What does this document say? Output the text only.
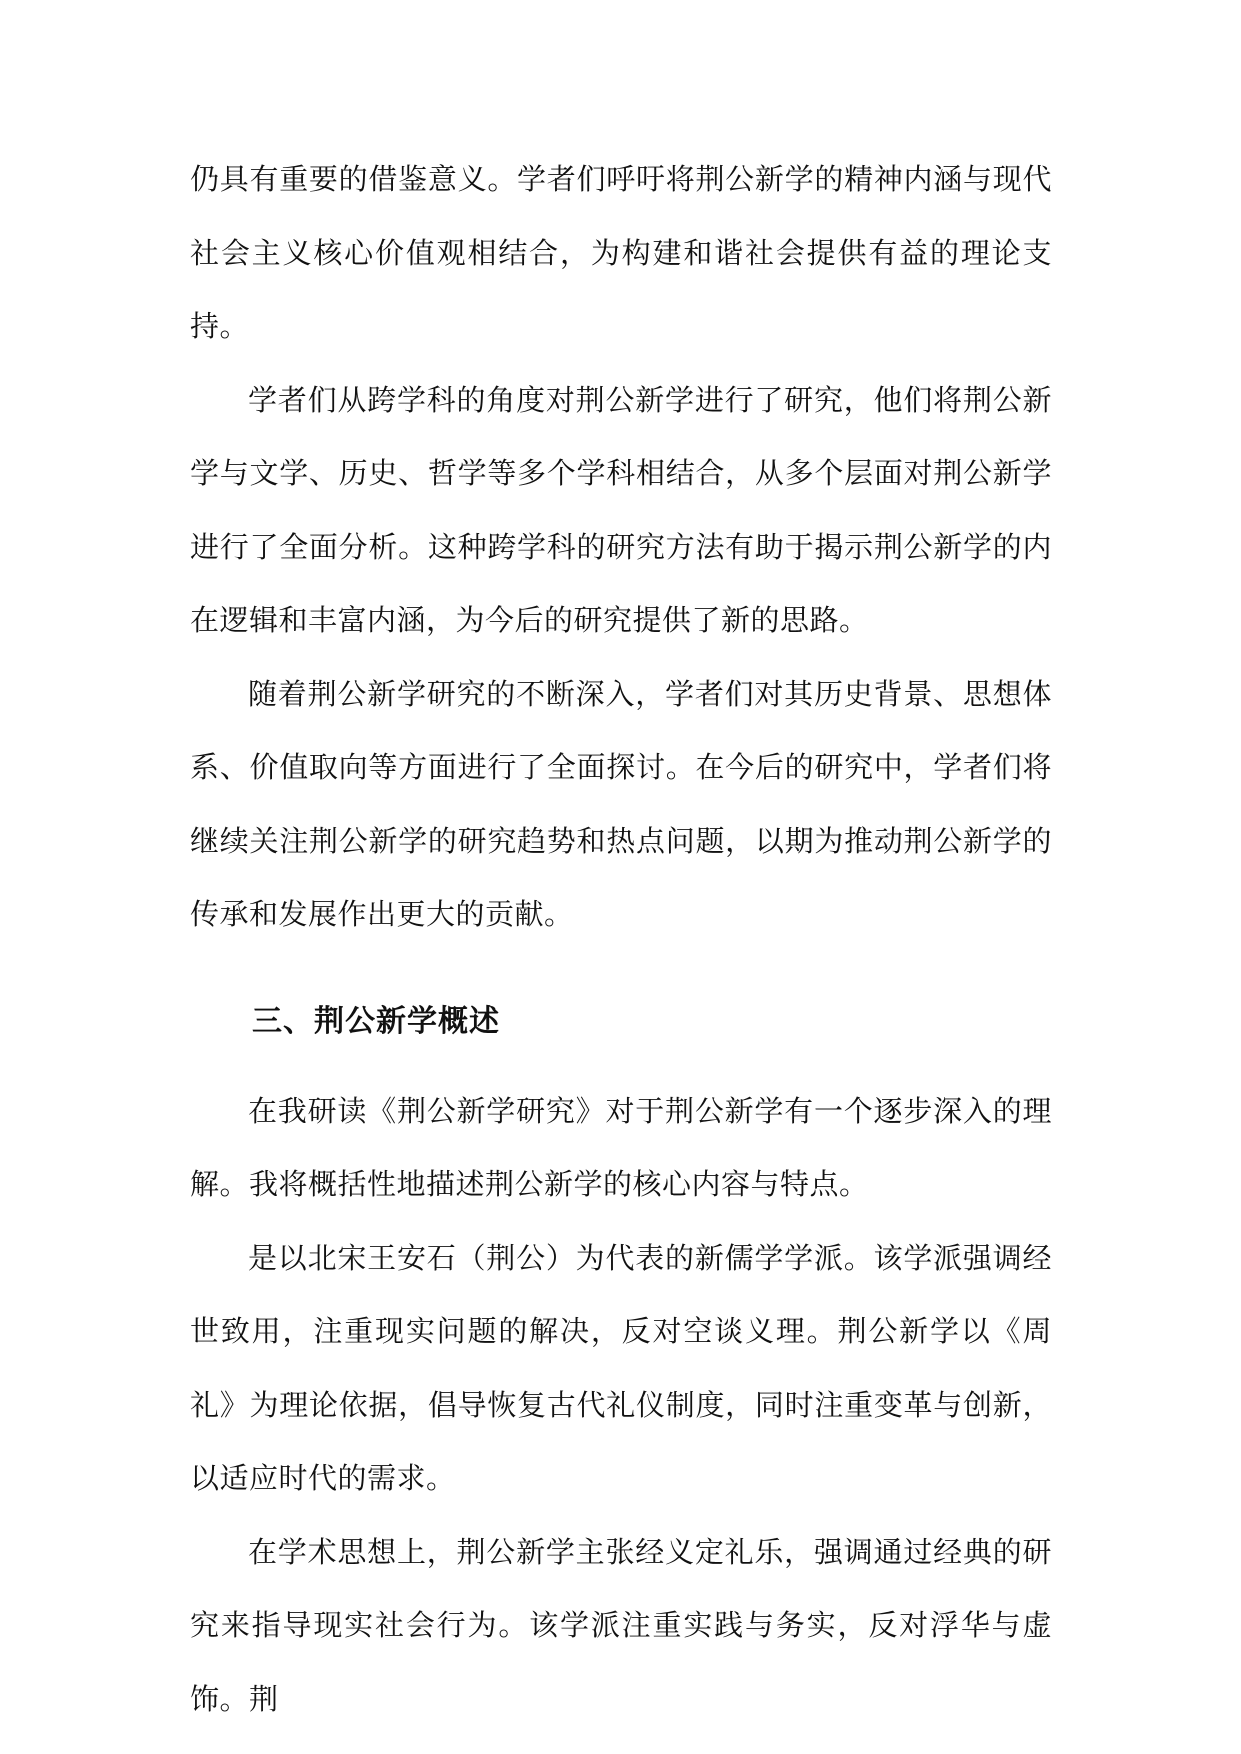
仍具有重要的借鉴意义。学者们呼吁将荆公新学的精神内涵与现代社会主义核心价值观相结合，为构建和谐社会提供有益的理论支持。

学者们从跨学科的角度对荆公新学进行了研究，他们将荆公新学与文学、历史、哲学等多个学科相结合，从多个层面对荆公新学进行了全面分析。这种跨学科的研究方法有助于揭示荆公新学的内在逻辑和丰富内涵，为今后的研究提供了新的思路。

随着荆公新学研究的不断深入，学者们对其历史背景、思想体系、价值取向等方面进行了全面探讨。在今后的研究中，学者们将继续关注荆公新学的研究趋势和热点问题，以期为推动荆公新学的传承和发展作出更大的贡献。

三、荆公新学概述

在我研读《荆公新学研究》对于荆公新学有一个逐步深入的理解。我将概括性地描述荆公新学的核心内容与特点。

是以北宋王安石（荆公）为代表的新儒学学派。该学派强调经世致用，注重现实问题的解决，反对空谈义理。荆公新学以《周礼》为理论依据，倡导恢复古代礼仪制度，同时注重变革与创新，以适应时代的需求。

在学术思想上，荆公新学主张经义定礼乐，强调通过经典的研究来指导现实社会行为。该学派注重实践与务实，反对浮华与虚饰。荆
